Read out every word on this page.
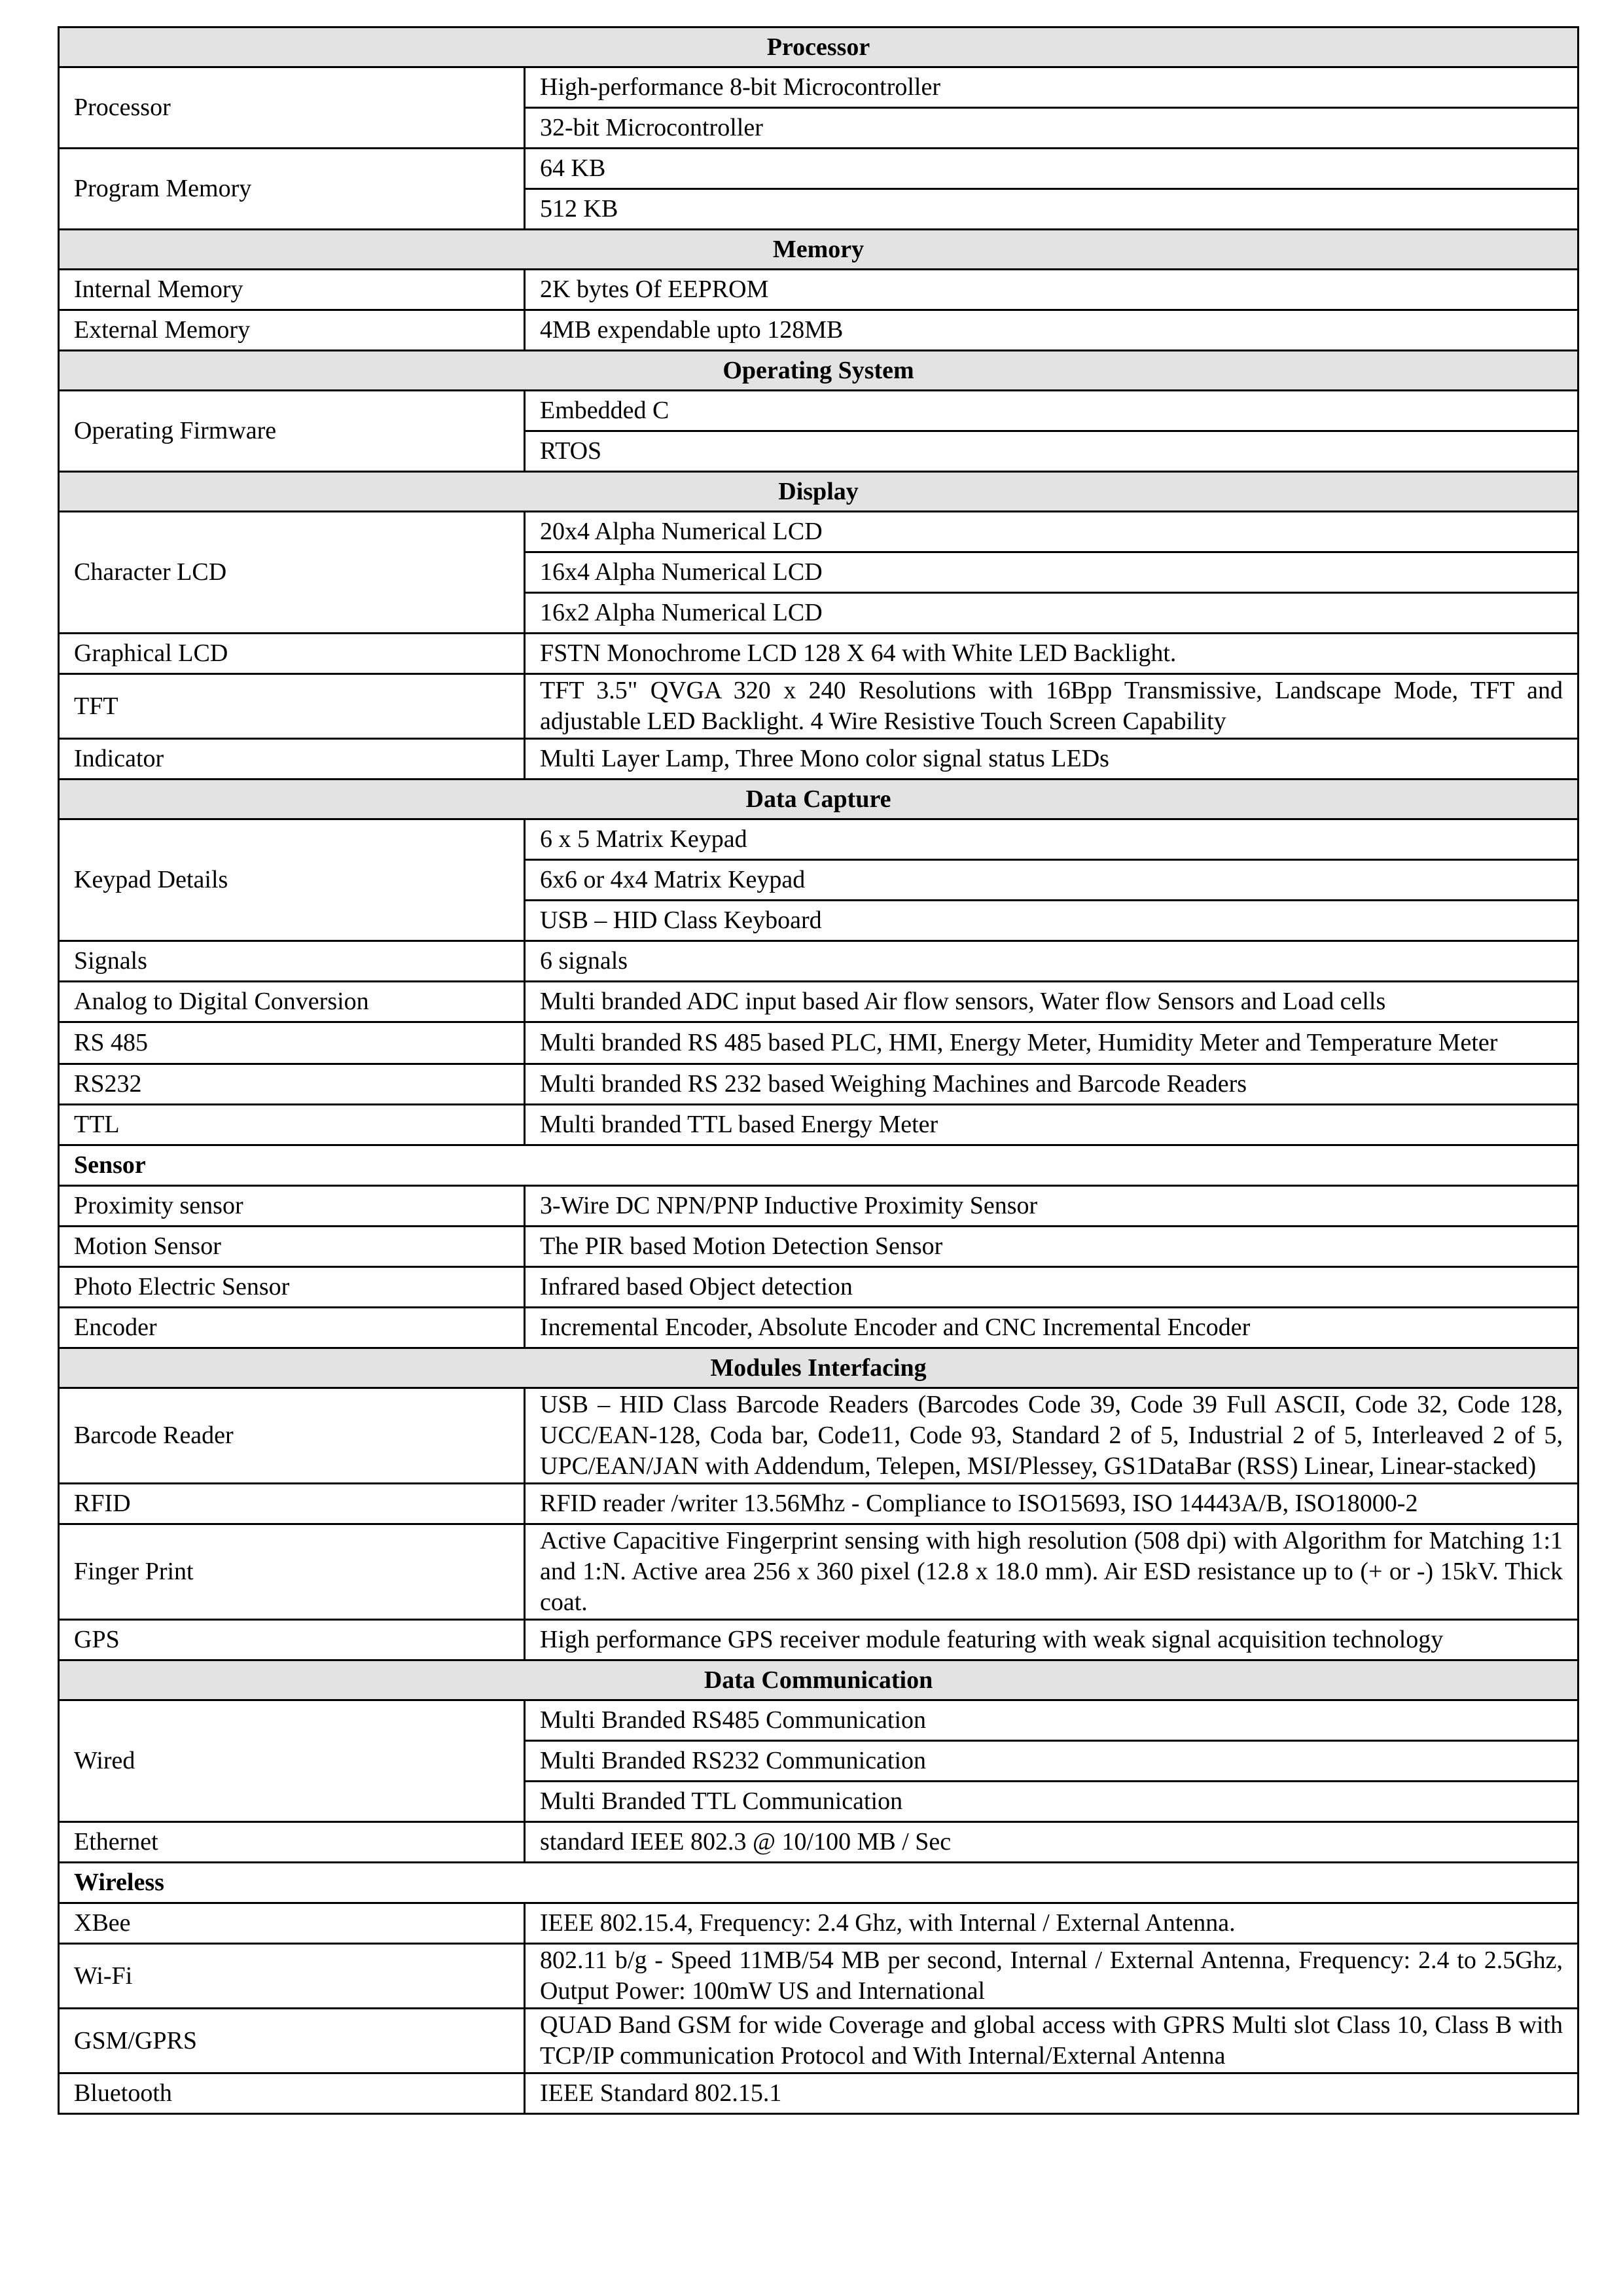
Processor	
Processor	High-performance 8-bit Microcontroller
	32-bit Microcontroller
Program Memory	64 KB
	512 KB
Memory	
Internal Memory	2K bytes Of EEPROM
External Memory	4MB expendable upto 128MB
Operating System	
Operating Firmware	Embedded C
	RTOS
Display	
Character LCD	20x4 Alpha Numerical LCD
	16x4 Alpha Numerical LCD
	16x2 Alpha Numerical LCD
Graphical LCD	FSTN Monochrome LCD 128 X 64 with White LED Backlight.
TFT	TFT 3.5" QVGA 320 x 240 Resolutions with 16Bpp Transmissive, Landscape Mode, TFT and adjustable LED Backlight. 4 Wire Resistive Touch Screen Capability
Indicator	Multi Layer Lamp, Three Mono color signal status LEDs
Data Capture	
Keypad Details	6 x 5 Matrix Keypad
	6x6 or 4x4 Matrix Keypad
	USB – HID Class Keyboard
Signals	6 signals
Analog to Digital Conversion	Multi branded ADC input based Air flow sensors, Water flow Sensors and Load cells
RS 485	Multi branded RS 485 based PLC, HMI, Energy Meter, Humidity Meter and Temperature Meter
RS232	Multi branded RS 232 based Weighing Machines and Barcode Readers
TTL	Multi branded TTL based Energy Meter
Sensor	
Proximity sensor	3-Wire DC NPN/PNP Inductive Proximity Sensor
Motion Sensor	The PIR based Motion Detection Sensor
Photo Electric Sensor	Infrared based Object detection
Encoder	Incremental Encoder, Absolute Encoder and CNC Incremental Encoder
Modules Interfacing	
Barcode Reader	USB – HID Class Barcode Readers (Barcodes Code 39, Code 39 Full ASCII, Code 32, Code 128, UCC/EAN-128, Coda bar, Code11, Code 93, Standard 2 of 5, Industrial 2 of 5, Interleaved 2 of 5, UPC/EAN/JAN with Addendum, Telepen, MSI/Plessey, GS1DataBar (RSS) Linear, Linear-stacked)
RFID	RFID reader /writer 13.56Mhz - Compliance to ISO15693, ISO 14443A/B, ISO18000-2
Finger Print	Active Capacitive Fingerprint sensing with high resolution (508 dpi) with Algorithm for Matching 1:1 and 1:N. Active area 256 x 360 pixel (12.8 x 18.0 mm). Air ESD resistance up to (+ or -) 15kV. Thick coat.
GPS	High performance GPS receiver module featuring with weak signal acquisition technology
Data Communication	
Wired	Multi Branded RS485 Communication
	Multi Branded RS232 Communication
	Multi Branded TTL Communication
Ethernet	standard IEEE 802.3 @ 10/100 MB / Sec
Wireless	
XBee	IEEE 802.15.4, Frequency: 2.4 Ghz, with Internal / External Antenna.
Wi-Fi	802.11 b/g - Speed 11MB/54 MB per second, Internal / External Antenna, Frequency: 2.4 to 2.5Ghz, Output Power: 100mW US and International
GSM/GPRS	QUAD Band GSM for wide Coverage and global access with GPRS Multi slot Class 10, Class B with TCP/IP communication Protocol and With Internal/External Antenna
Bluetooth	IEEE Standard 802.15.1
